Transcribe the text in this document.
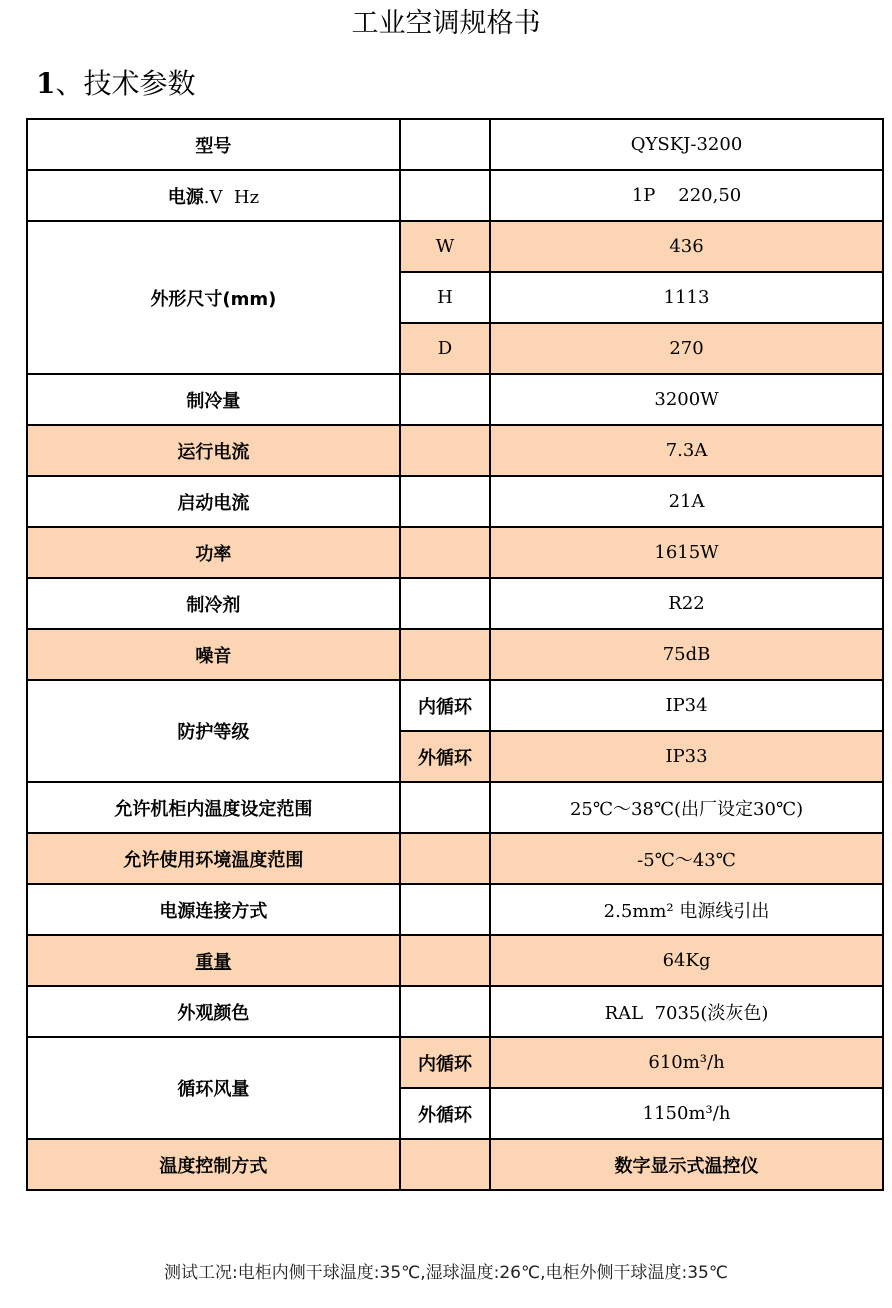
工业空调规格书
1、技术参数
型号		QYSKJ-3200
电源.V  Hz		1P    220,50
外形尺寸(mm)	W	436
	H	1113
	D	270
制冷量		3200W
运行电流		7.3A
启动电流		21A
功率		1615W
制冷剂		R22
噪音		75dB
防护等级	内循环	IP34
	外循环	IP33
允许机柜内温度设定范围		25℃～38℃(出厂设定30℃)
允许使用环境温度范围		-5℃～43℃
电源连接方式		2.5mm² 电源线引出
重量		64Kg
外观颜色		RAL  7035(淡灰色)
循环风量	内循环	610m³/h
	外循环	1150m³/h
温度控制方式		数字显示式温控仪
测试工况:电柜内侧干球温度:35℃,湿球温度:26℃,电柜外侧干球温度:35℃
